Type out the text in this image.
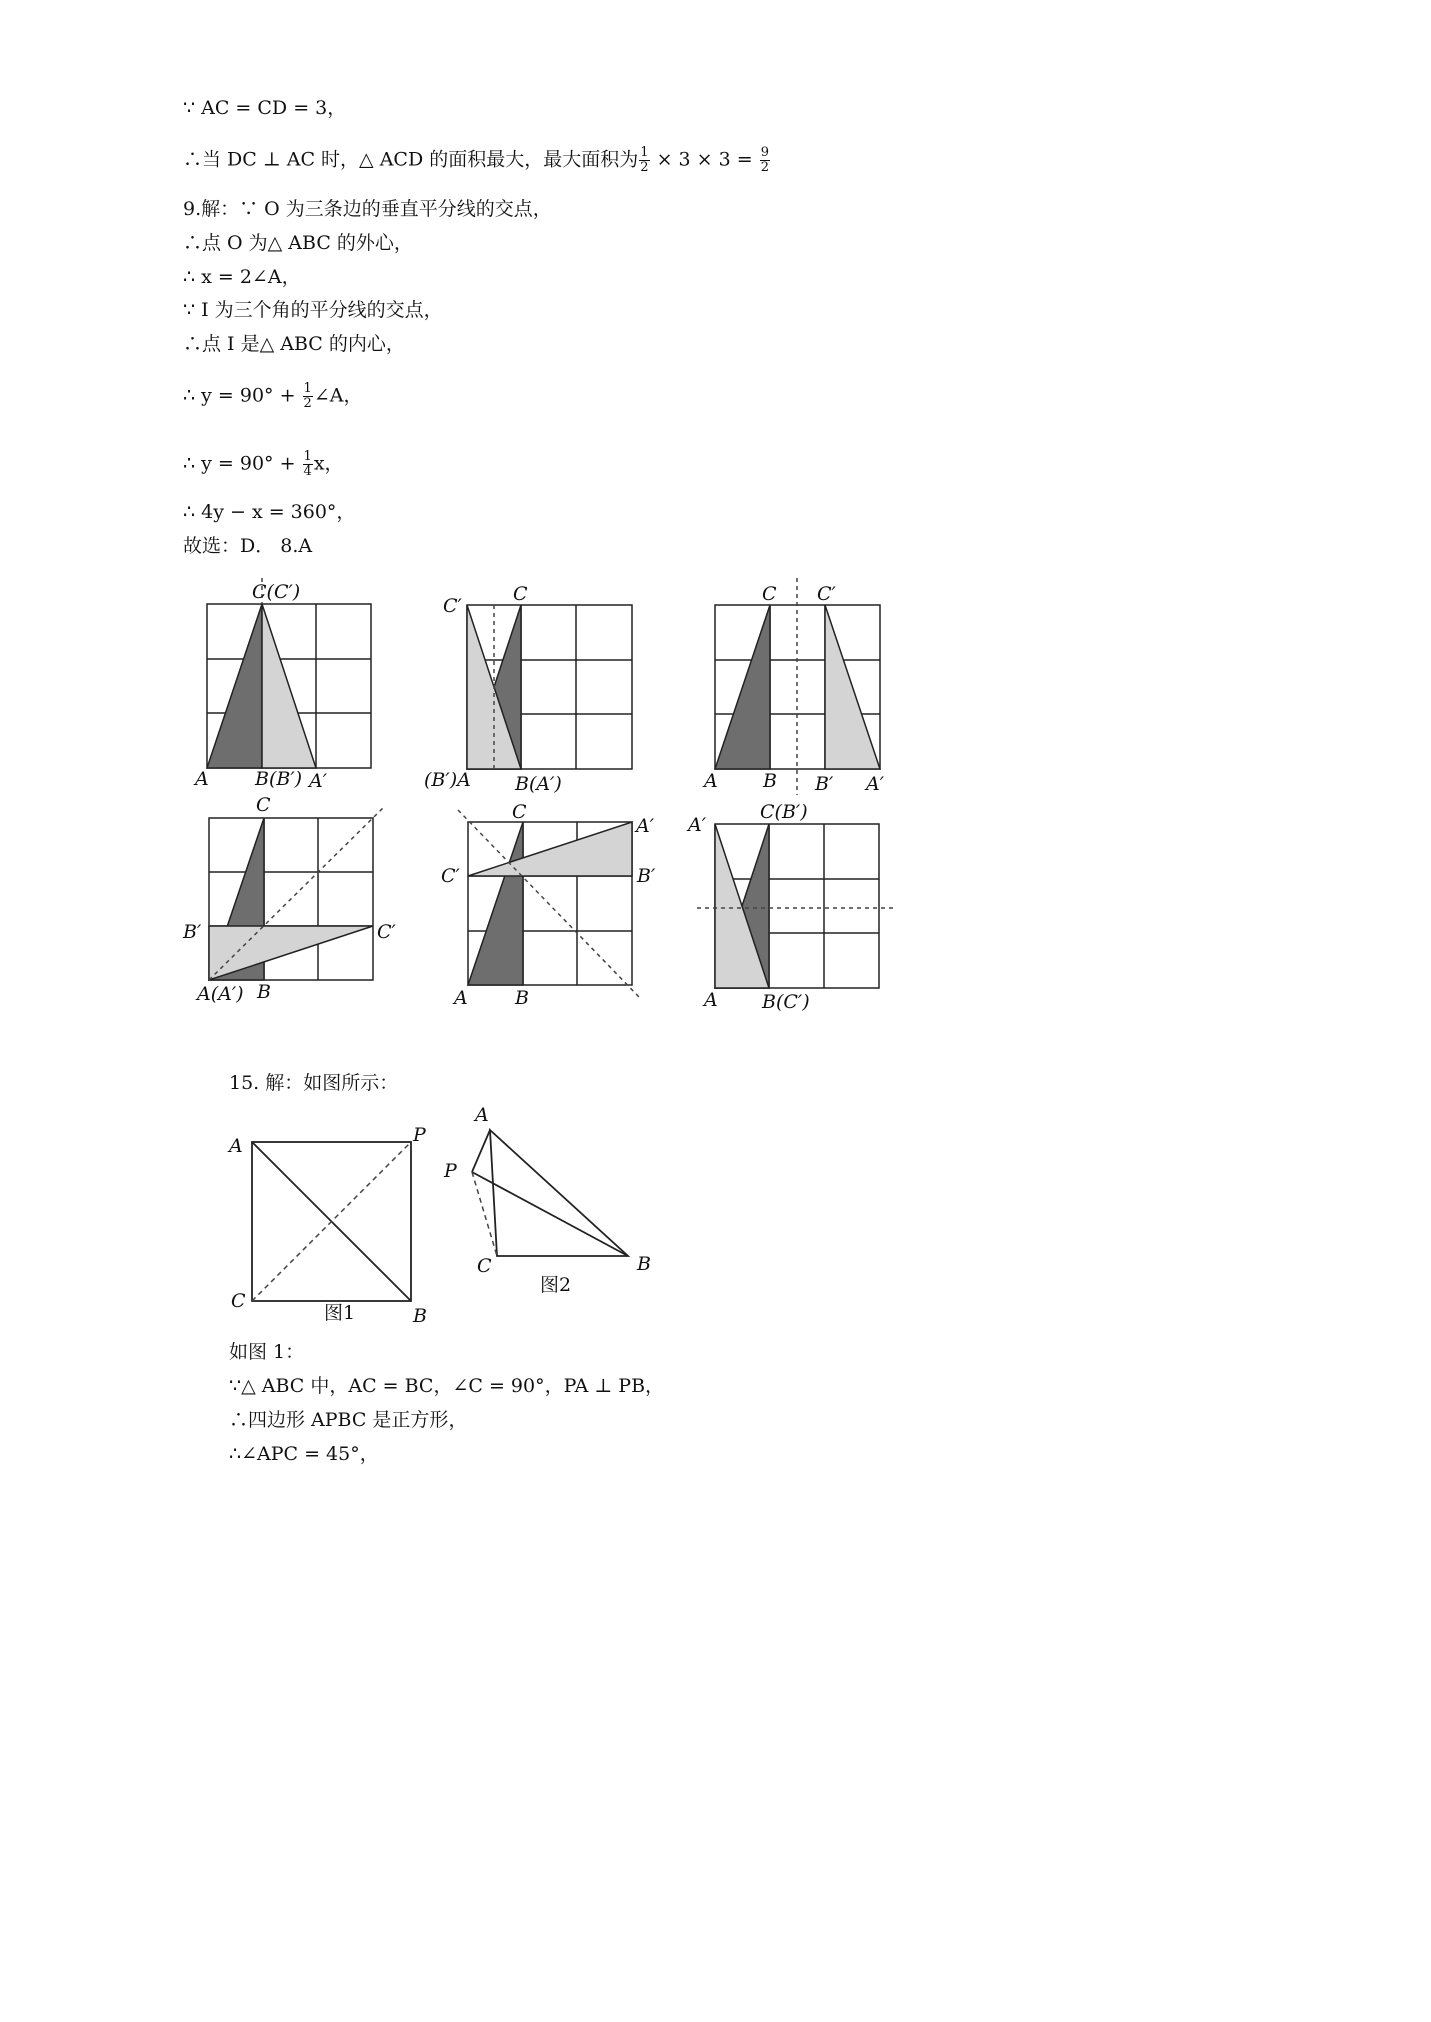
∵ AC = CD = 3，
∴当 DC ⊥ AC 时，△ ACD 的面积最大，最大面积为 $\frac{1}{2} \times 3 \times 3 = \frac{9}{2}$
9.解：∵ O 为三条边的垂直平分线的交点，
∴点 O 为△ ABC 的外心，
∴ x = 2∠A，
∵ I 为三个角的平分线的交点，
∴点 I 是△ ABC 的内心，
∴ $y = 90^\circ + \frac{1}{2}$ ∠A，
∴ $y = 90^\circ + \frac{1}{4}$ x，
∴ 4y − x = 360°，
故选：D． 8.A
C(C′)
A B(B′) A′
C′
C
(B′)A B(A′)
C C′
A B B′ A′
C
B′	C′
A(A′) B
C
A′
C′	B′
A B
A′
C(B′)
A B(C′)
15. 解：如图所示：
A	P
C
B
图1
A
P
C	B
图2
如图 1：
∵△ ABC 中，AC = BC，∠C = 90°，PA ⊥ PB，
∴四边形 APBC 是正方形，
∴∠APC = 45°，
